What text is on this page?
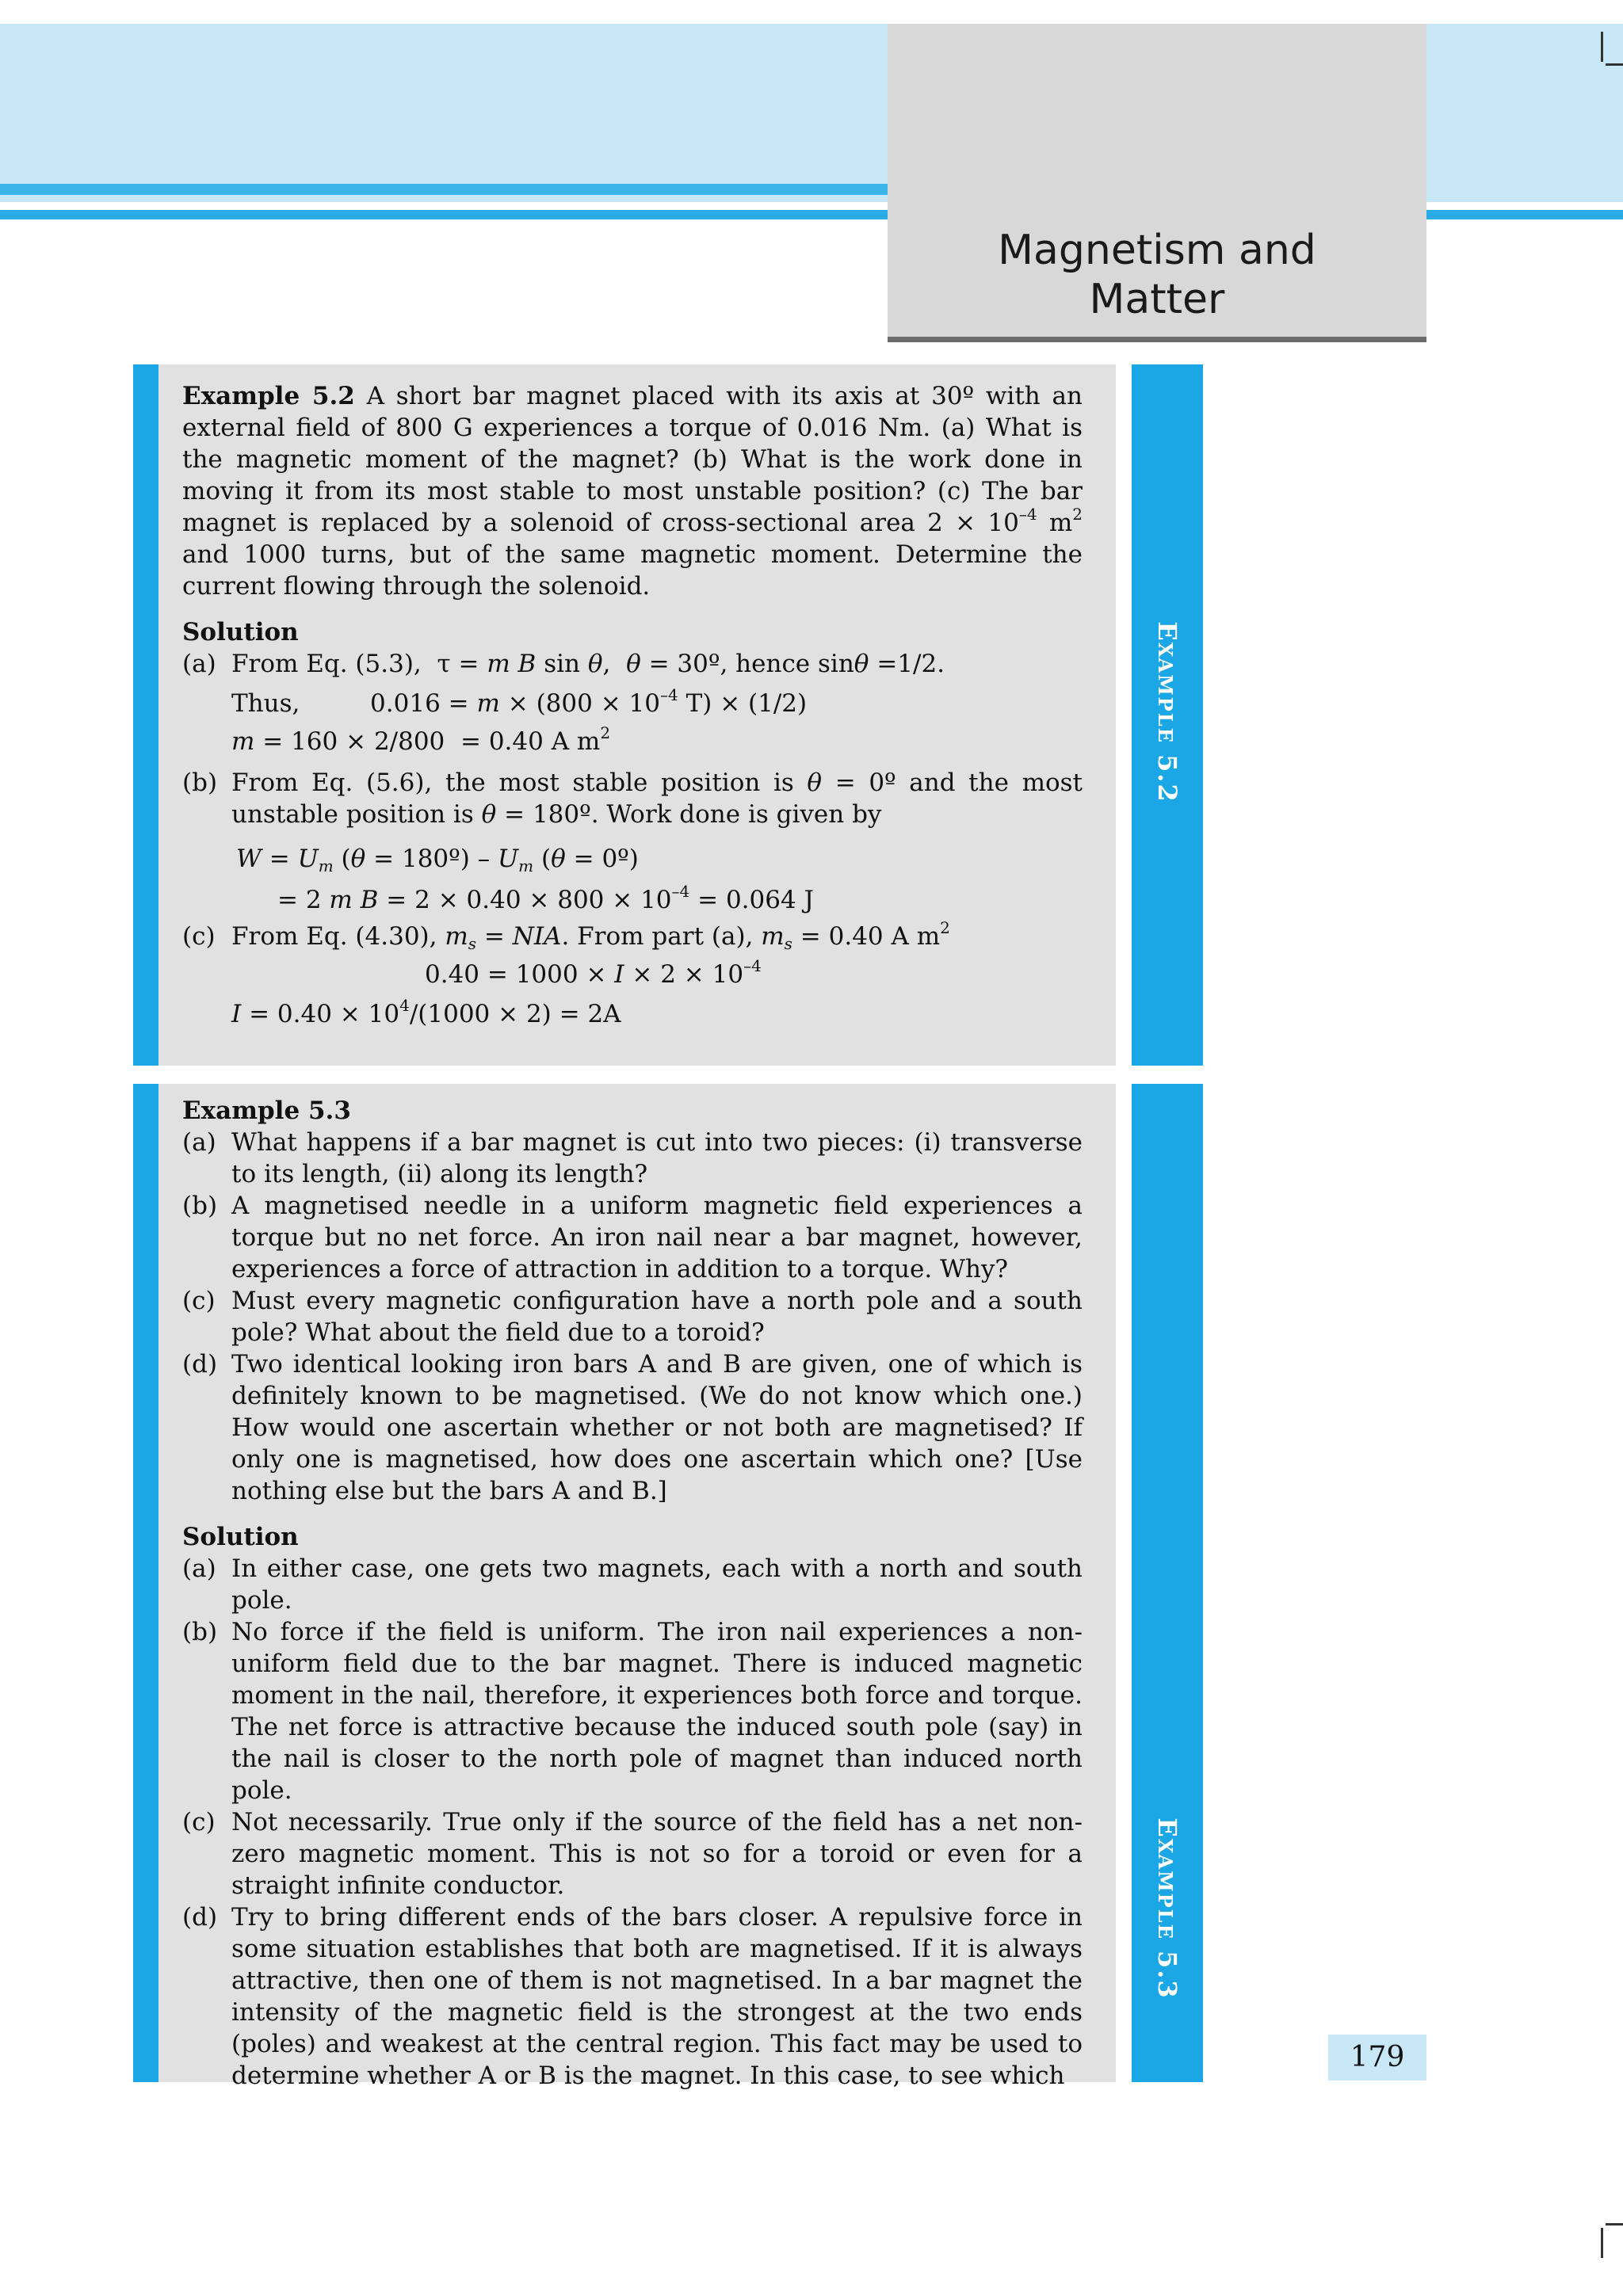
Magnetism and
Matter
EXAMPLE 5.2

Example 5.2 A short bar magnet placed with its axis at 30º with an external field of 800 G experiences a torque of 0.016 Nm. (a) What is the magnetic moment of the magnet? (b) What is the work done in moving it from its most stable to most unstable position? (c) The bar magnet is replaced by a solenoid of cross-sectional area $2 \times 10^{-4}$ $m^2$ and 1000 turns, but of the same magnetic moment. Determine the current flowing through the solenoid.

Solution
(a) From Eq. (5.3),  τ = m B sin θ,  θ = 30º, hence sinθ =1/2.
Thus,         $0.016 = m \times (800 \times 10^{-4}$ T) × (1/2)
m = 160 × 2/800  = 0.40 A $m^2$
(b) From Eq. (5.6), the most stable position is θ = 0º and the most unstable position is θ = 180º. Work done is given by
$W = U_m$ (θ = 180º) – $U_m$ (θ = 0º)
= 2 m $B = 2 \times 0.40 \times 800 \times 10^{-4} = 0.064$ J
(c) From Eq. (4.30), $m_s$ = NIA. From part (a), $m_s = 0.40$ A $m^2$
$0.40 = 1000 \times I \times 2 \times 10^{-4}$
$I = 0.40 \times 10^4/(1000 \times 2) = 2A$
EXAMPLE 5.3
Example 5.3
(a) What happens if a bar magnet is cut into two pieces: (i) transverse to its length, (ii) along its length?
(b) A magnetised needle in a uniform magnetic field experiences a torque but no net force. An iron nail near a bar magnet, however, experiences a force of attraction in addition to a torque. Why?
(c) Must every magnetic configuration have a north pole and a south pole? What about the field due to a toroid?
(d) Two identical looking iron bars A and B are given, one of which is definitely known to be magnetised. (We do not know which one.) How would one ascertain whether or not both are magnetised? If only one is magnetised, how does one ascertain which one? [Use nothing else but the bars A and B.]
Solution
(a) In either case, one gets two magnets, each with a north and south pole.
(b) No force if the field is uniform. The iron nail experiences a non-uniform field due to the bar magnet. There is induced magnetic moment in the nail, therefore, it experiences both force and torque. The net force is attractive because the induced south pole (say) in the nail is closer to the north pole of magnet than induced north pole.
(c) Not necessarily. True only if the source of the field has a net non-zero magnetic moment. This is not so for a toroid or even for a straight infinite conductor.
(d) Try to bring different ends of the bars closer. A repulsive force in some situation establishes that both are magnetised. If it is always attractive, then one of them is not magnetised. In a bar magnet the intensity of the magnetic field is the strongest at the two ends (poles) and weakest at the central region. This fact may be used to determine whether A or B is the magnet. In this case, to see which
179
